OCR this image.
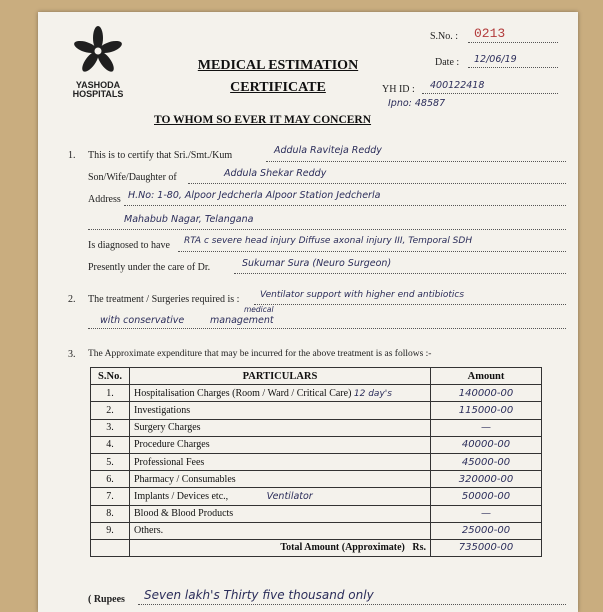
YASHODA
HOSPITALS
MEDICAL ESTIMATION
CERTIFICATE
S.No. : 0213
Date : 12/06/19
YH ID : 400122418
Ipno: 48587
TO WHOM SO EVER IT MAY CONCERN
1. This is to certify that Sri./Smt./Kum	Addula Raviteja Reddy
Son/Wife/Daughter of	Addula Shekar Reddy
Address H.No: 1-80, Alpoor Jedcherla Alpoor Station Jedcherla
Mahabub Nagar, Telangana
Is diagnosed to have RTA c severe head injury Diffuse axonal injury III, Temporal SDH
Presently under the care of Dr.	Sukumar Sura (Neuro Surgeon)
2. The treatment / Surgeries required is : Ventilator support with higher end antibiotics
medical
with conservative	management
3. The Approximate expenditure that may be incurred for the above treatment is as follows :-
S.No.	PARTICULARS	Amount
1.	Hospitalisation Charges (Room / Ward / Critical Care) 12 day's	140000-00
2.	Investigations	115000-00
3.	Surgery Charges	—
4.	Procedure Charges	40000-00
5.	Professional Fees	45000-00
6.	Pharmacy / Consumables	320000-00
7.	Implants / Devices etc., Ventilator	50000-00
8.	Blood & Blood Products	—
9.	Others.	25000-00
	Total Amount (Approximate) Rs.	735000-00
( Rupees Seven lakh's Thirty five thousand only
